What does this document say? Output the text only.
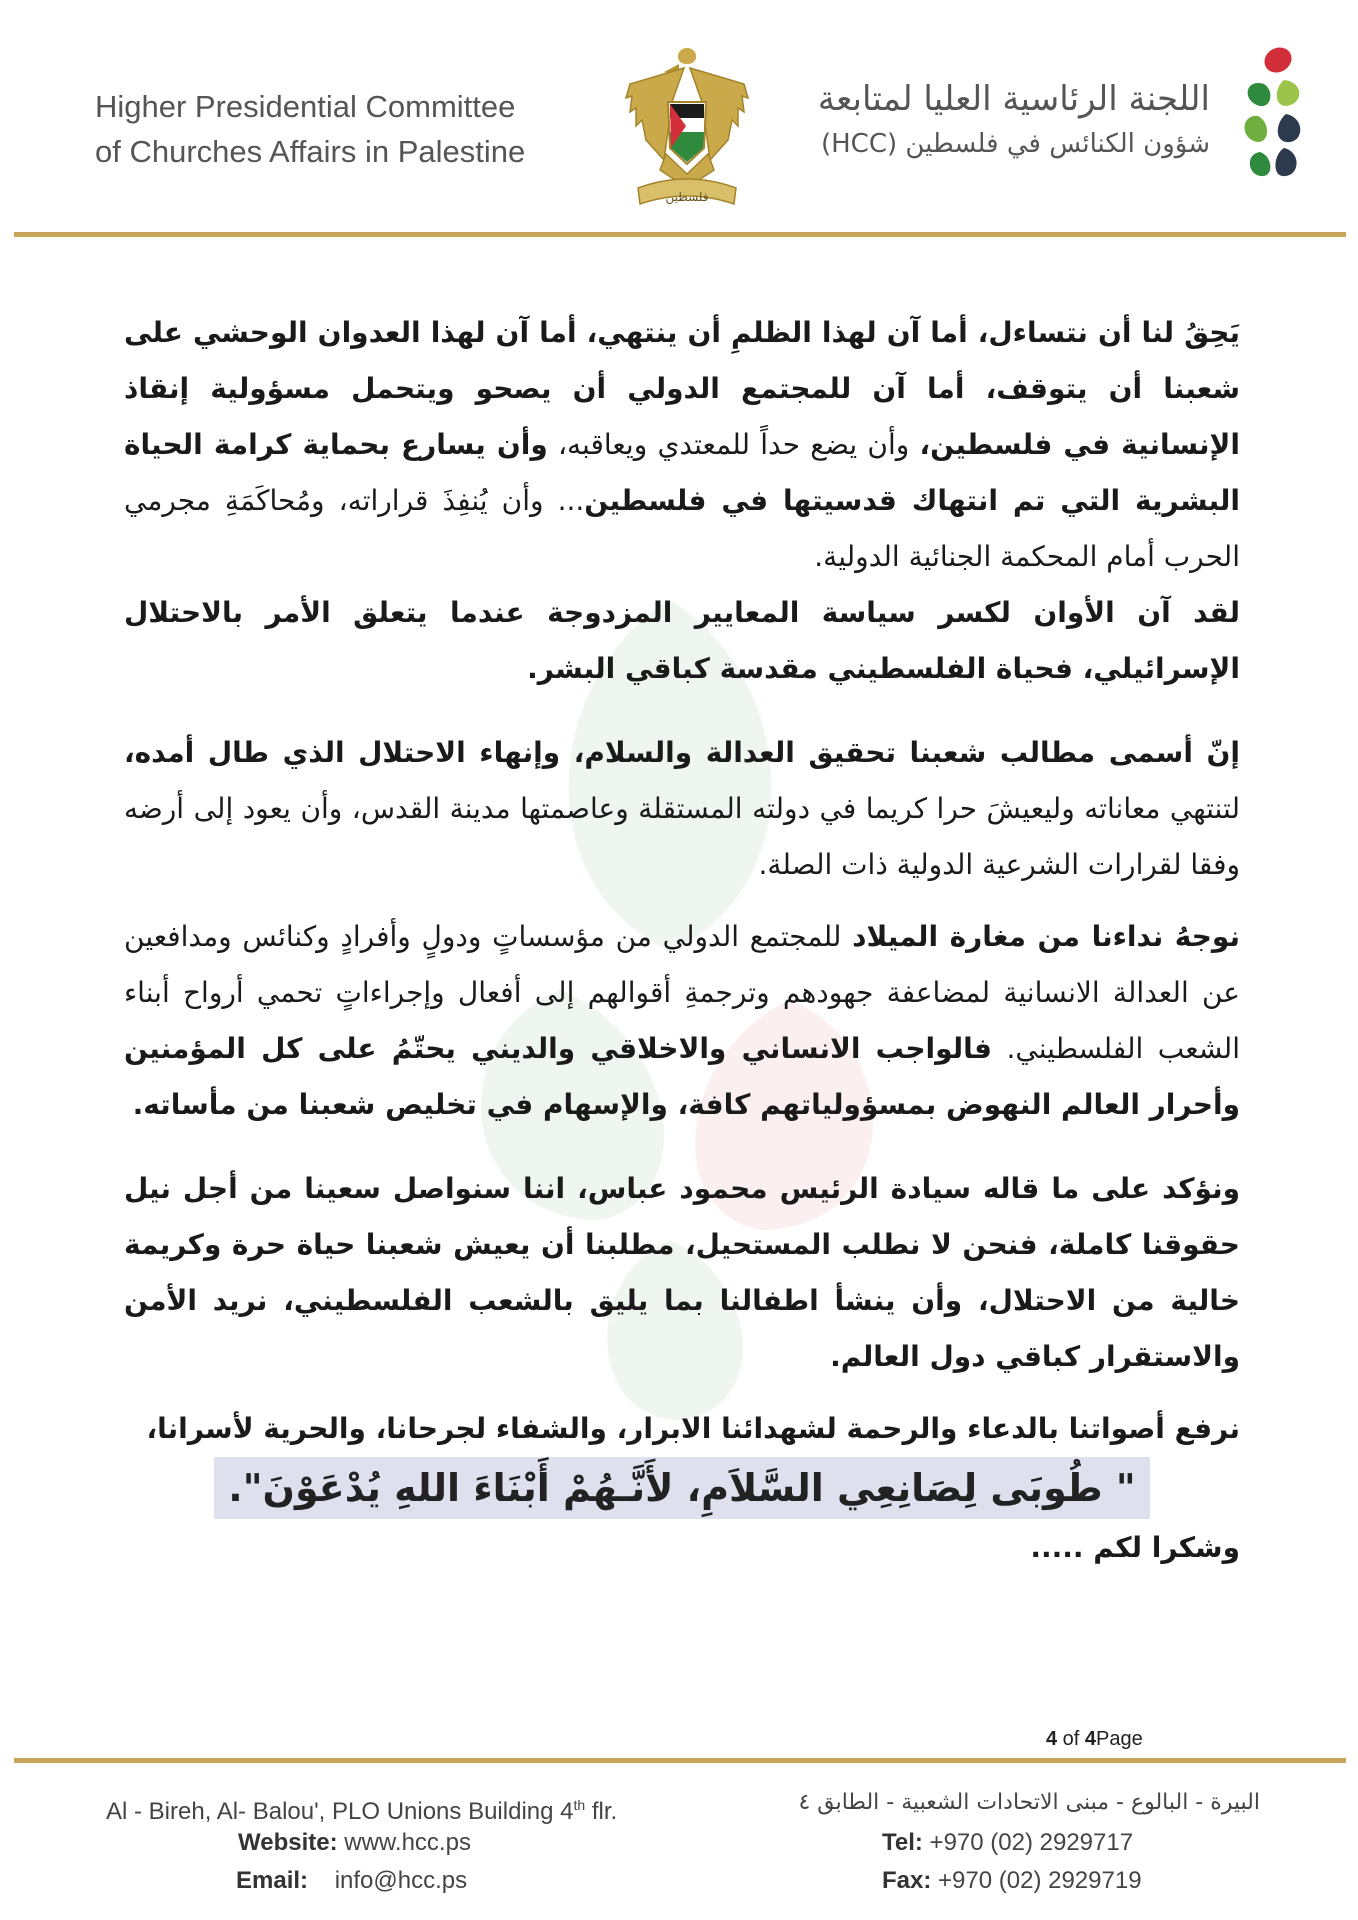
Higher Presidential Committee
of Churches Affairs in Palestine
فلسطين
اللجنة الرئاسية العليا لمتابعة
شؤون الكنائس في فلسطين (HCC)

يَحِقُ لنا أن نتساءل، أما آن لهذا الظلمِ أن ينتهي، أما آن لهذا العدوان الوحشي على شعبنا أن يتوقف، أما آن للمجتمع الدولي أن يصحو ويتحمل مسؤولية إنقاذ الإنسانية في فلسطين، وأن يضع حداً للمعتدي ويعاقبه، وأن يسارع بحماية كرامة الحياة البشرية التي تم انتهاك قدسيتها في فلسطين... وأن يُنفِذَ قراراته، ومُحاكَمَةِ مجرمي الحرب أمام المحكمة الجنائية الدولية.

لقد آن الأوان لكسر سياسة المعايير المزدوجة عندما يتعلق الأمر بالاحتلال الإسرائيلي، فحياة الفلسطيني مقدسة كباقي البشر.

إنّ أسمى مطالب شعبنا تحقيق العدالة والسلام، وإنهاء الاحتلال الذي طال أمده، لتنتهي معاناته وليعيشَ حرا كريما في دولته المستقلة وعاصمتها مدينة القدس، وأن يعود إلى أرضه وفقا لقرارات الشرعية الدولية ذات الصلة.

نوجهُ نداءنا من مغارة الميلاد للمجتمع الدولي من مؤسساتٍ ودولٍ وأفرادٍ وكنائس ومدافعين عن العدالة الانسانية لمضاعفة جهودهم وترجمةِ أقوالهم إلى أفعال وإجراءاتٍ تحمي أرواح أبناء الشعب الفلسطيني. فالواجب الانساني والاخلاقي والديني يحتّمُ على كل المؤمنين وأحرار العالم النهوض بمسؤولياتهم كافة، والإسهام في تخليص شعبنا من مأساته.

ونؤكد على ما قاله سيادة الرئيس محمود عباس، اننا سنواصل سعينا من أجل نيل حقوقنا كاملة، فنحن لا نطلب المستحيل، مطلبنا أن يعيش شعبنا حياة حرة وكريمة خالية من الاحتلال، وأن ينشأ اطفالنا بما يليق بالشعب الفلسطيني، نريد الأمن والاستقرار كباقي دول العالم.

نرفع أصواتنا بالدعاء والرحمة لشهدائنا الابرار، والشفاء لجرحانا، والحرية لأسرانا،

" طُوبَى لِصَانِعِي السَّلاَمِ، لأَنَّـهُمْ أَبْنَاءَ اللهِ يُدْعَوْنَ".

وشكرا لكم .....

4 of 4Page
Al - Bireh, Al- Balou', PLO Unions Building 4th flr.
Website: www.hcc.ps
Email: info@hcc.ps
البيرة - البالوع - مبنى الاتحادات الشعبية - الطابق ٤
Tel: +970 (02) 2929717
Fax: +970 (02) 2929719
